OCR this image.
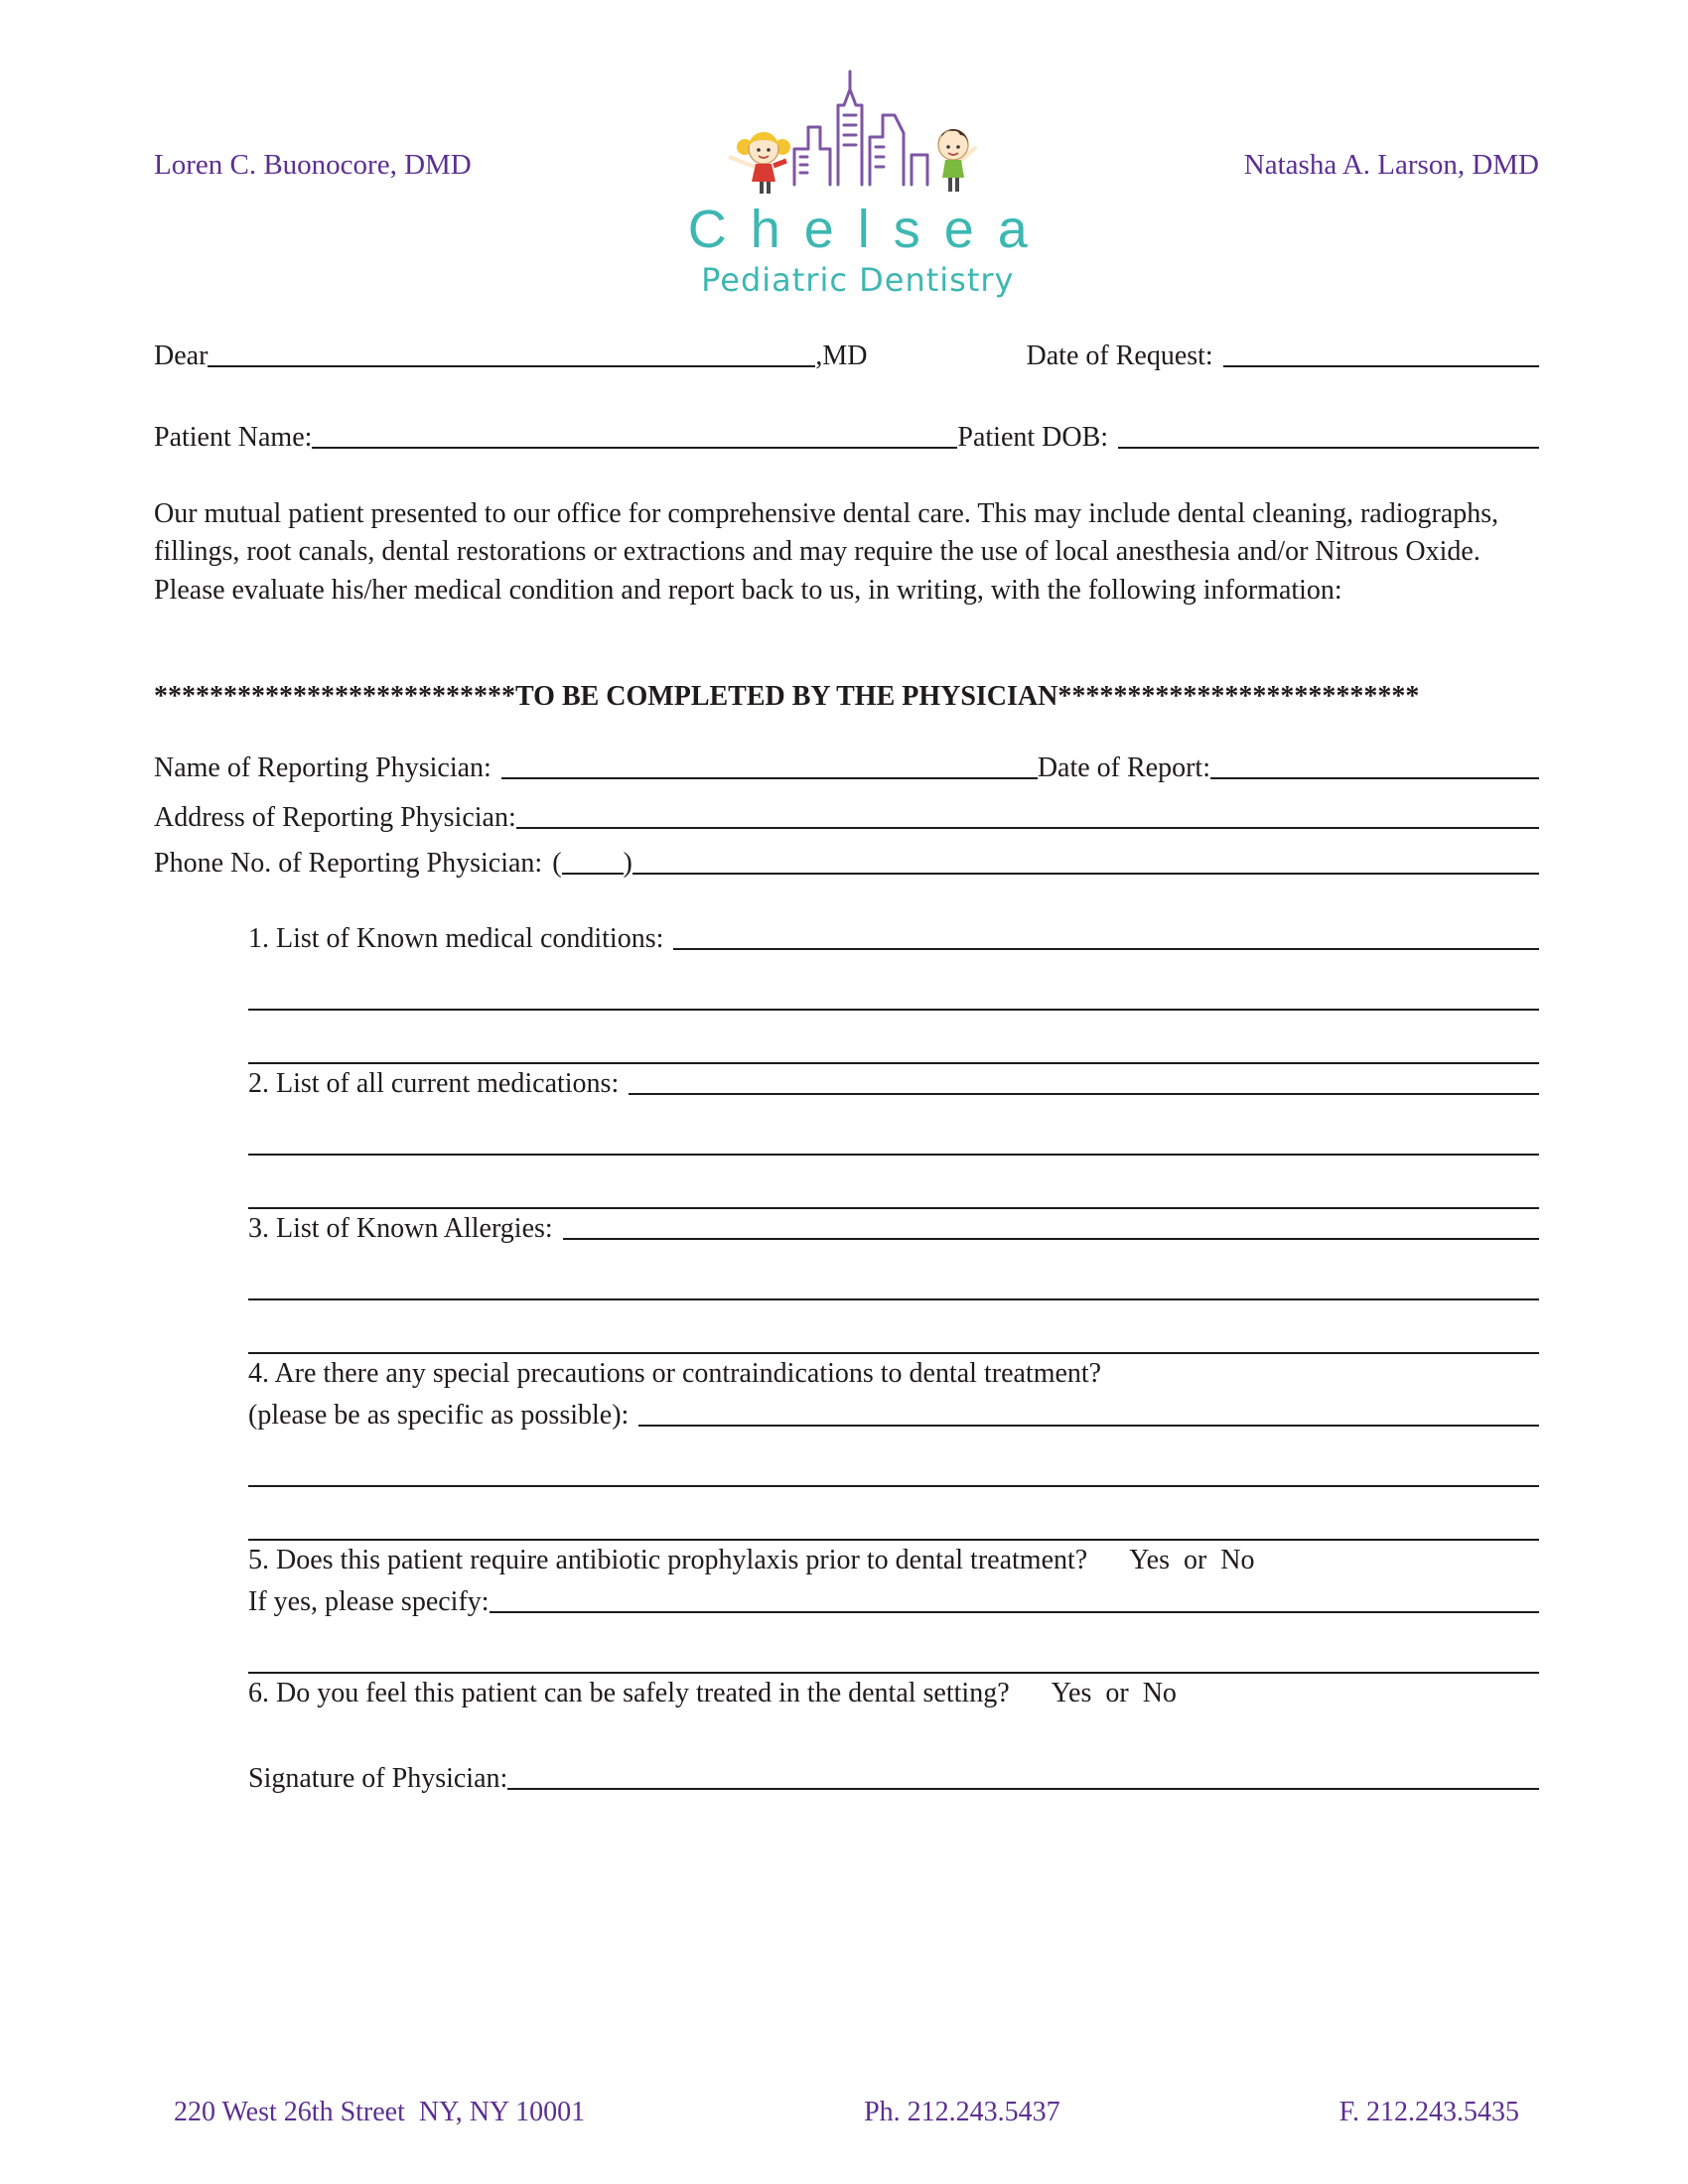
Loren C. Buonocore, DMD
Chelsea
Pediatric Dentistry
Natasha A. Larson, DMD
Dear	,MD	Date of Request:
Patient Name:	Patient DOB:
Our mutual patient presented to our office for comprehensive dental care. This may include dental cleaning, radiographs, fillings, root canals, dental restorations or extractions and may require the use of local anesthesia and/or Nitrous Oxide. Please evaluate his/her medical condition and report back to us, in writing, with the following information:
**************************TO BE COMPLETED BY THE PHYSICIAN**************************
Name of Reporting Physician:	Date of Report:
Address of Reporting Physician:
Phone No. of Reporting Physician: ( )
1. List of Known medical conditions:
2. List of all current medications:
3. List of Known Allergies:
4. Are there any special precautions or contraindications to dental treatment?
(please be as specific as possible):
5. Does this patient require antibiotic prophylaxis prior to dental treatment? Yes  or  No
If yes, please specify:
6. Do you feel this patient can be safely treated in the dental setting? Yes  or  No
Signature of Physician:
220 West 26th Street  NY, NY 10001	Ph. 212.243.5437	F. 212.243.5435
